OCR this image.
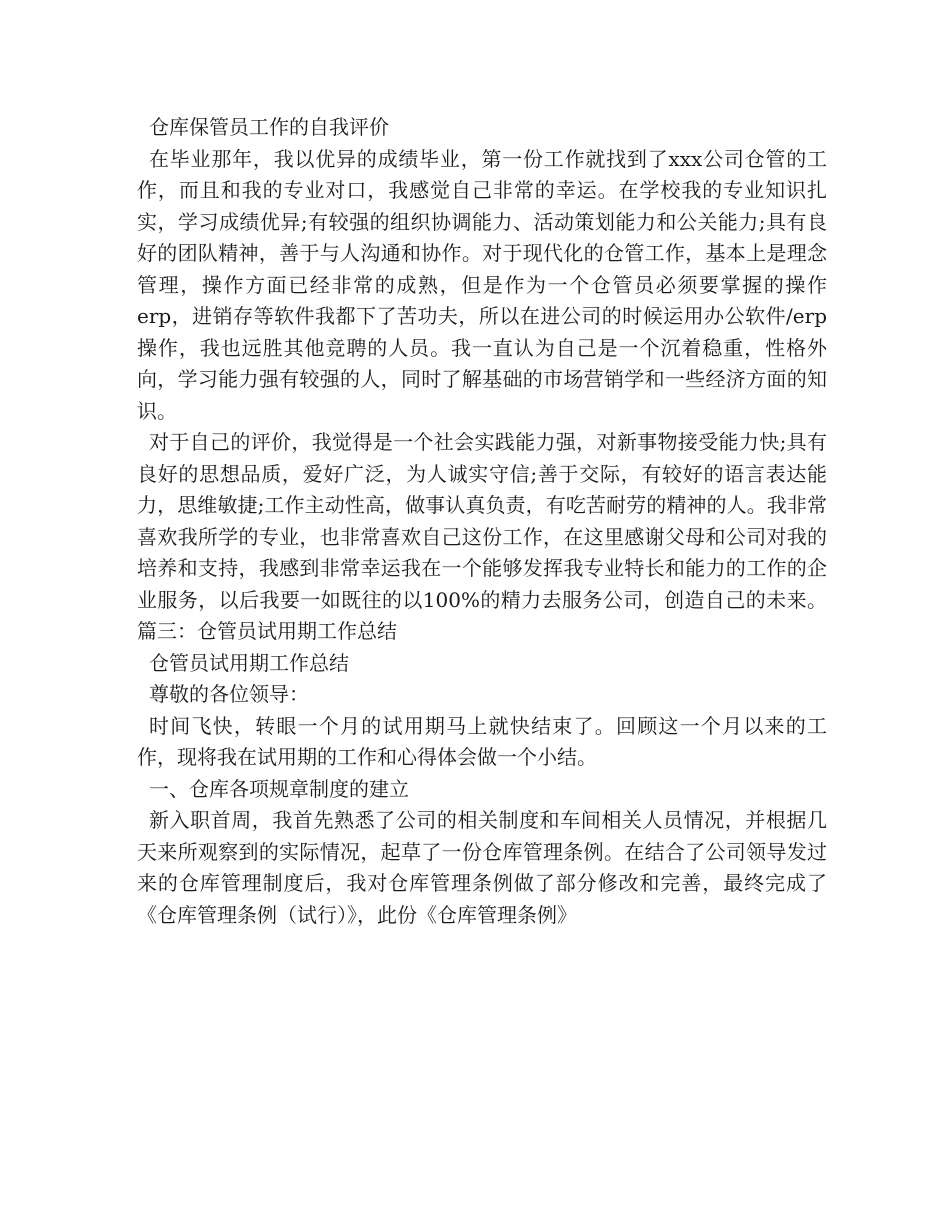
仓库保管员工作的自我评价

在毕业那年，我以优异的成绩毕业，第一份工作就找到了xxx公司仓管的工作，而且和我的专业对口，我感觉自己非常的幸运。在学校我的专业知识扎实，学习成绩优异;有较强的组织协调能力、活动策划能力和公关能力;具有良好的团队精神，善于与人沟通和协作。对于现代化的仓管工作，基本上是理念管理，操作方面已经非常的成熟，但是作为一个仓管员必须要掌握的操作erp，进销存等软件我都下了苦功夫，所以在进公司的时候运用办公软件/erp操作，我也远胜其他竞聘的人员。我一直认为自己是一个沉着稳重，性格外向，学习能力强有较强的人，同时了解基础的市场营销学和一些经济方面的知识。

对于自己的评价，我觉得是一个社会实践能力强，对新事物接受能力快;具有良好的思想品质，爱好广泛，为人诚实守信;善于交际，有较好的语言表达能力，思维敏捷;工作主动性高，做事认真负责，有吃苦耐劳的精神的人。我非常喜欢我所学的专业，也非常喜欢自己这份工作，在这里感谢父母和公司对我的培养和支持，我感到非常幸运我在一个能够发挥我专业特长和能力的工作的企业服务，以后我要一如既往的以100%的精力去服务公司，创造自己的未来。篇三：仓管员试用期工作总结

仓管员试用期工作总结

尊敬的各位领导：

时间飞快，转眼一个月的试用期马上就快结束了。回顾这一个月以来的工作，现将我在试用期的工作和心得体会做一个小结。

一、仓库各项规章制度的建立

新入职首周，我首先熟悉了公司的相关制度和车间相关人员情况，并根据几天来所观察到的实际情况，起草了一份仓库管理条例。在结合了公司领导发过来的仓库管理制度后，我对仓库管理条例做了部分修改和完善，最终完成了《仓库管理条例（试行）》，此份《仓库管理条例》
